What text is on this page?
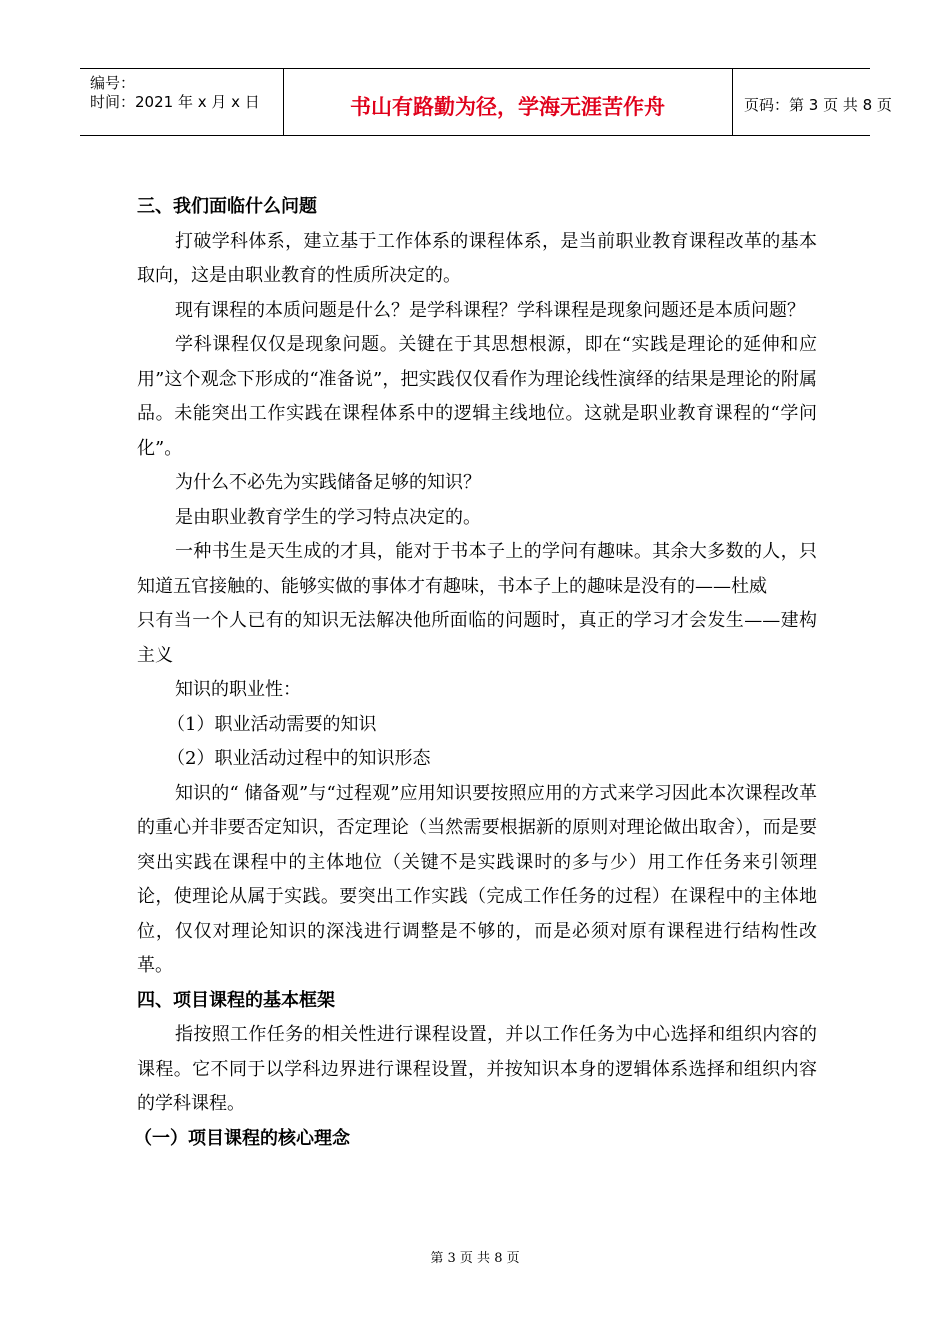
编号：
时间：2021 年 x 月 x 日	书山有路勤为径，学海无涯苦作舟	页码：第 3 页 共 8 页

三、我们面临什么问题

打破学科体系，建立基于工作体系的课程体系，是当前职业教育课程改革的基本取向，这是由职业教育的性质所决定的。

现有课程的本质问题是什么？是学科课程？学科课程是现象问题还是本质问题？

学科课程仅仅是现象问题。关键在于其思想根源，即在“实践是理论的延伸和应用”这个观念下形成的“准备说”，把实践仅仅看作为理论线性演绎的结果是理论的附属品。未能突出工作实践在课程体系中的逻辑主线地位。这就是职业教育课程的“学问化”。

为什么不必先为实践储备足够的知识？

是由职业教育学生的学习特点决定的。

一种书生是天生成的才具，能对于书本子上的学问有趣味。其余大多数的人，只知道五官接触的、能够实做的事体才有趣味，书本子上的趣味是没有的——杜威

只有当一个人已有的知识无法解决他所面临的问题时，真正的学习才会发生——建构主义

知识的职业性：

（1）职业活动需要的知识

（2）职业活动过程中的知识形态

知识的“ 储备观”与“过程观”应用知识要按照应用的方式来学习因此本次课程改革的重心并非要否定知识，否定理论（当然需要根据新的原则对理论做出取舍），而是要突出实践在课程中的主体地位（关键不是实践课时的多与少）用工作任务来引领理论，使理论从属于实践。要突出工作实践（完成工作任务的过程）在课程中的主体地位，仅仅对理论知识的深浅进行调整是不够的，而是必须对原有课程进行结构性改革。

四、项目课程的基本框架

指按照工作任务的相关性进行课程设置，并以工作任务为中心选择和组织内容的课程。它不同于以学科边界进行课程设置，并按知识本身的逻辑体系选择和组织内容的学科课程。

（一）项目课程的核心理念

第 3 页 共 8 页
